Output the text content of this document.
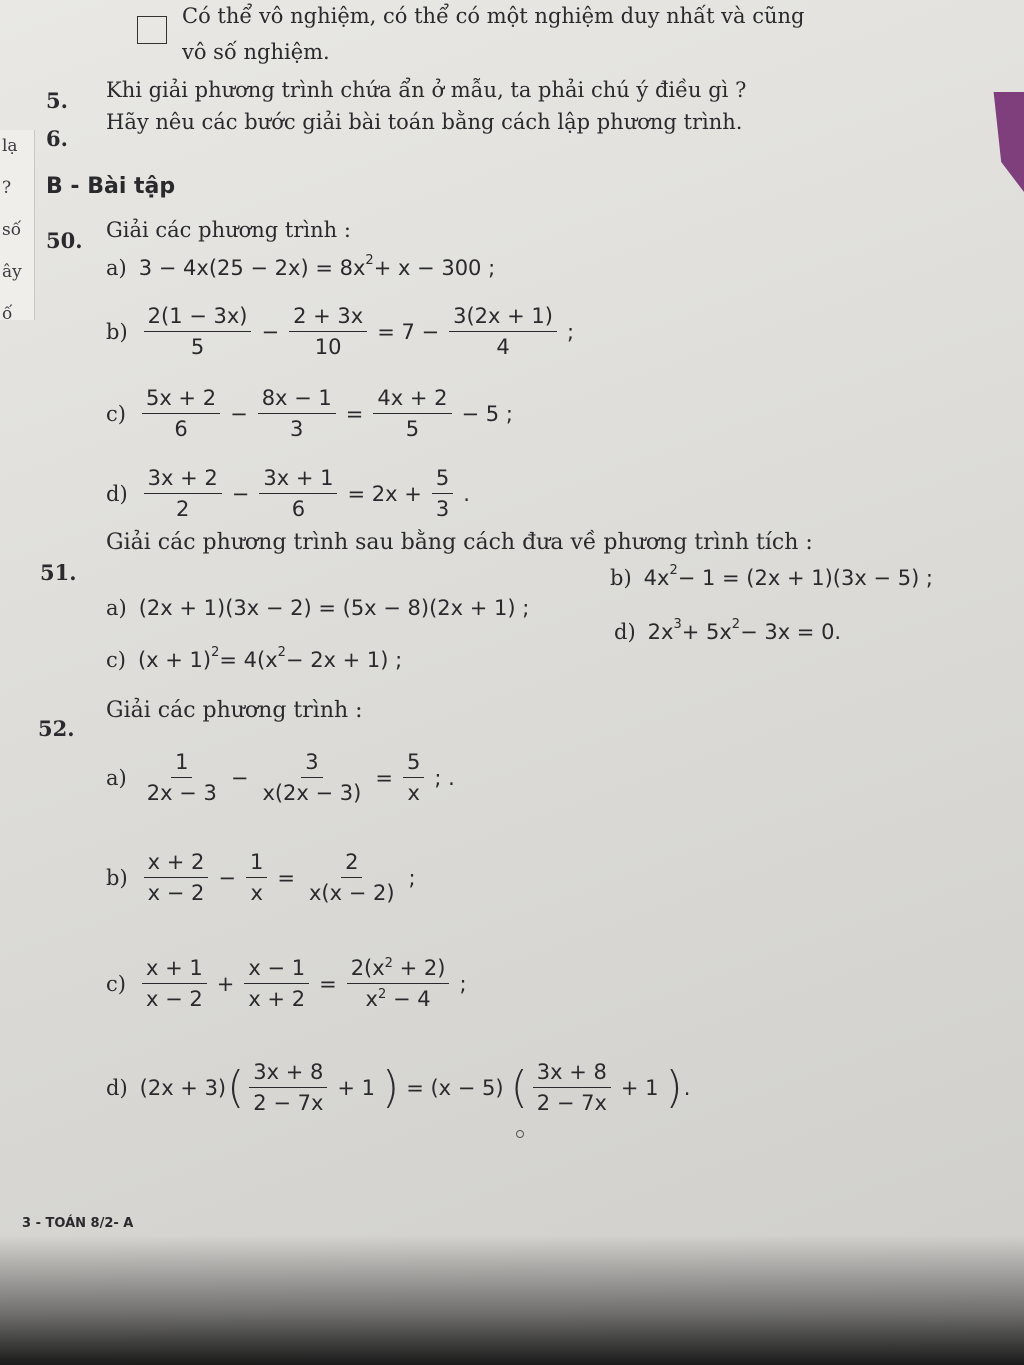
lạ
?
số
ây
ố
Có thể vô nghiệm, có thể có một nghiệm duy nhất và cũng
vô số nghiệm.
5. Khi giải phương trình chứa ẩn ở mẫu, ta phải chú ý điều gì ?
6.
Hãy nêu các bước giải bài toán bằng cách lập phương trình.
B - Bài tập
50. Giải các phương trình :
a) $3 - 4x(25 - 2x) = 8x^2 + x - 300$ ;
$b) \frac{2(1 - 3x)}{5} - \frac{2 + 3x}{10} = 7 - \frac{3(2x + 1)}{4}$ ;
$c) \frac{5x + 2}{6} - \frac{8x - 1}{3} = \frac{4x + 2}{5} - 5$ ;
$d) \frac{3x + 2}{2} - \frac{3x + 1}{6} = 2x + \frac{5}{3}$ .
51.
Giải các phương trình sau bằng cách đưa về phương trình tích :
a) (2x + 1)(3x − 2) = (5x − 8)(2x + 1) ;
b) $4x^2 - 1 = (2x + 1)(3x - 5)$ ;
c) $(x + 1)^2 = 4(x^2 - 2x + 1)$ ;
d) $2x^3 + 5x^2 - 3x = 0$.
52.
Giải các phương trình :
$a) \frac{1}{2x - 3} - \frac{3}{x(2x - 3)} = \frac{5}{x}$ ; .
$b) \frac{x + 2}{x - 2} - \frac{1}{x} = \frac{2}{x(x - 2)}$ ;
$c) \frac{x + 1}{x - 2} + \frac{x - 1}{x + 2} = \frac{2(x^2 + 2)}{x^2 - 4}$ ;
d) (2x + 3) ( $\frac{3x + 8}{2 - 7x} + 1$ ) = (x − 5) ( $\frac{3x + 8}{2 - 7x} + 1$ ) .
3 - TOÁN 8/2- A
